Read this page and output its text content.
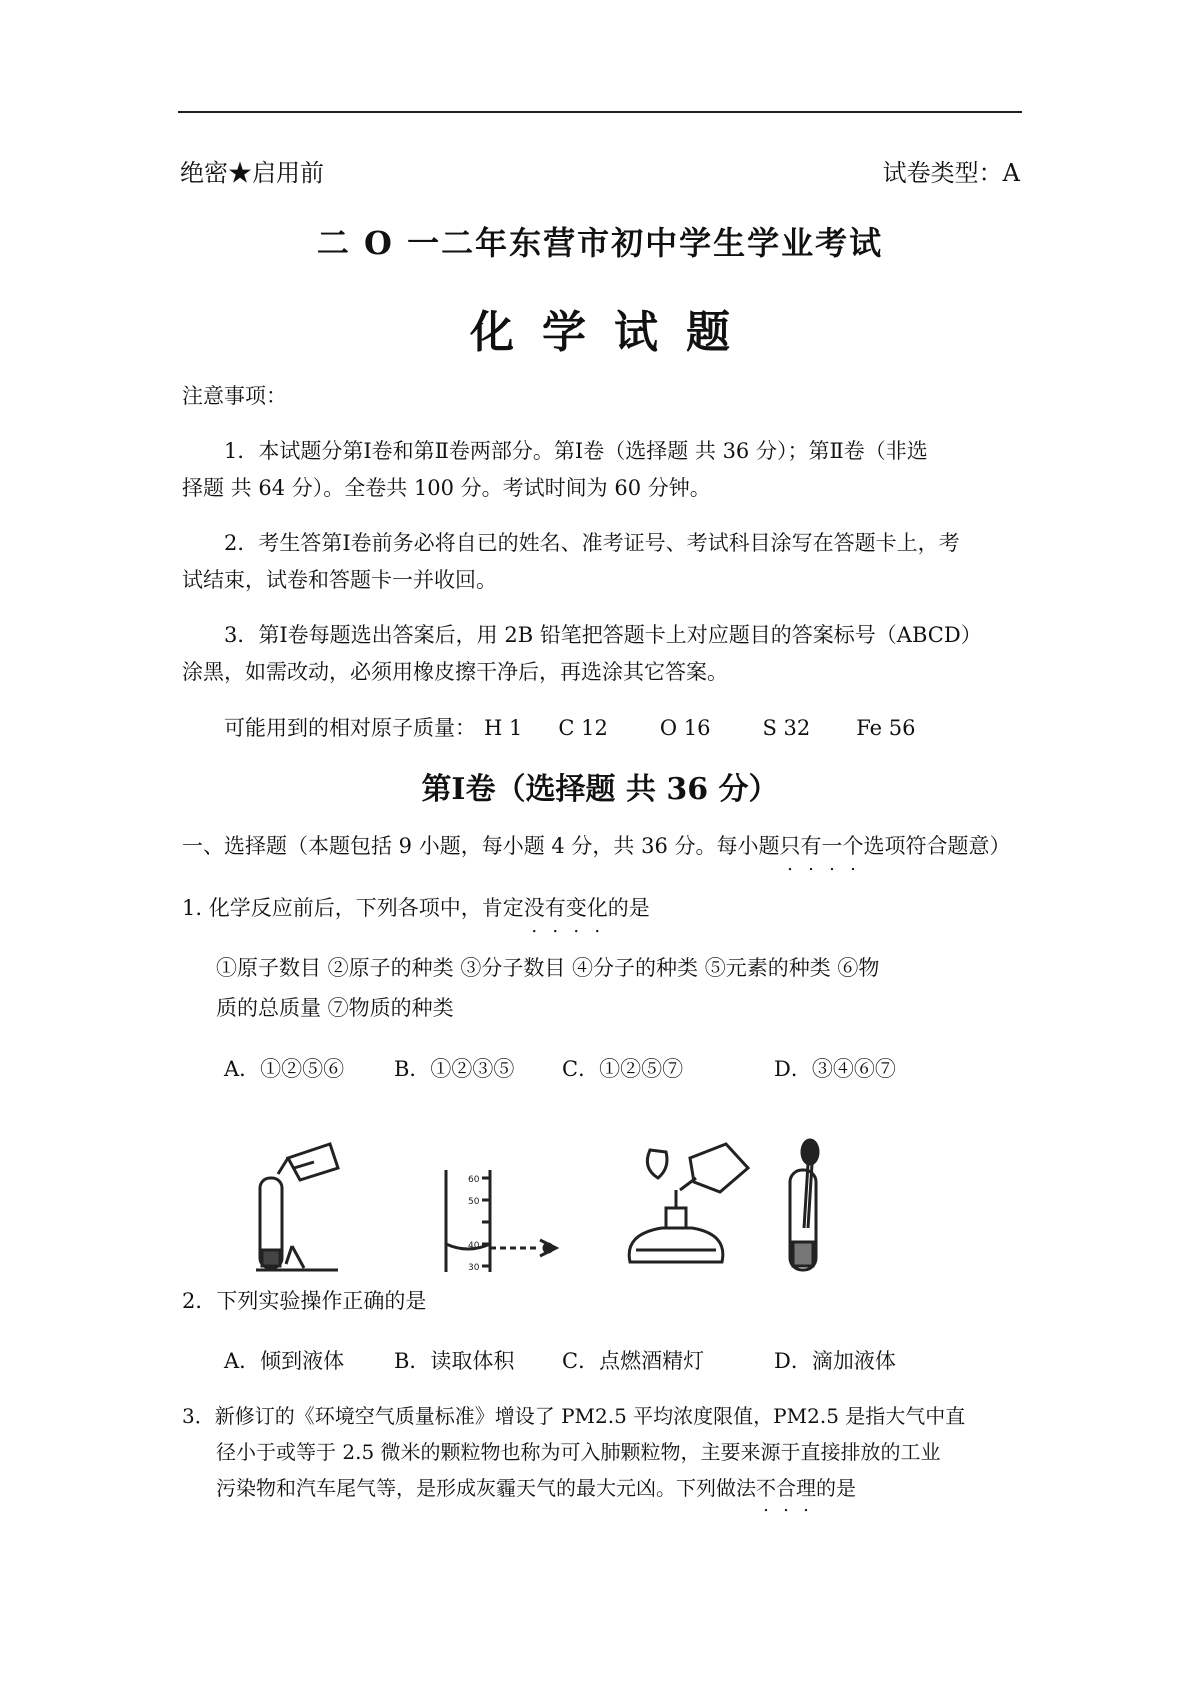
绝密★启用前	试卷类型：A
二 O 一二年东营市初中学生学业考试
化学试题
注意事项：
1．本试题分第Ⅰ卷和第Ⅱ卷两部分。第Ⅰ卷（选择题 共 36 分）；第Ⅱ卷（非选
择题 共 64 分）。全卷共 100 分。考试时间为 60 分钟。
2．考生答第Ⅰ卷前务必将自已的姓名、准考证号、考试科目涂写在答题卡上，考
试结束，试卷和答题卡一并收回。
3．第Ⅰ卷每题选出答案后，用 2B 铅笔把答题卡上对应题目的答案标号（ABCD）
涂黑，如需改动，必须用橡皮擦干净后，再选涂其它答案。
可能用到的相对原子质量： H 1 C 12 O 16 S 32 Fe 56
第Ⅰ卷（选择题 共 36 分）
一、选择题（本题包括 9 小题，每小题 4 分，共 36 分。每小题只有一个选项符合题意）
1. 化学反应前后，下列各项中，肯定没有变化的是
①原子数目 ②原子的种类 ③分子数目 ④分子的种类 ⑤元素的种类 ⑥物
质的总质量 ⑦物质的种类
A．①②⑤⑥ B．①②③⑤ C．①②⑤⑦	D．③④⑥⑦
60
50
40
30
2．下列实验操作正确的是
A．倾到液体 B．读取体积 C．点燃酒精灯	D．滴加液体
3．新修订的《环境空气质量标准》增设了 PM2.5 平均浓度限值，PM2.5 是指大气中直
径小于或等于 2.5 微米的颗粒物也称为可入肺颗粒物，主要来源于直接排放的工业
污染物和汽车尾气等，是形成灰霾天气的最大元凶。下列做法不合理的是
